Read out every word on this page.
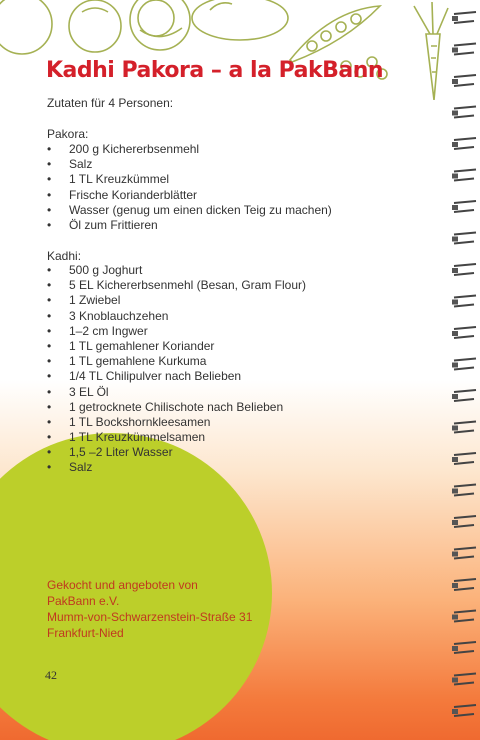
Kadhi Pakora – a la PakBann

Zutaten für 4 Personen:

Pakora:

• 200 g Kichererbsenmehl
• Salz
• 1 TL Kreuzkümmel
• Frische Korianderblätter
• Wasser (genug um einen dicken Teig zu machen)
• Öl zum Frittieren

Kadhi:

• 500 g Joghurt
• 5 EL Kichererbsenmehl (Besan, Gram Flour)
• 1 Zwiebel
• 3 Knoblauchzehen
• 1–2 cm Ingwer
• 1 TL gemahlener Koriander
• 1 TL gemahlene Kurkuma
• 1/4 TL Chilipulver nach Belieben
• 3 EL Öl
• 1 getrocknete Chilischote nach Belieben
• 1 TL Bockshornkleesamen
• 1 TL Kreuzkümmelsamen
• 1,5 –2 Liter Wasser
• Salz
Gekocht und angeboten von
PakBann e.V.
Mumm-von-Schwarzenstein-Straße 31
Frankfurt-Nied

42
